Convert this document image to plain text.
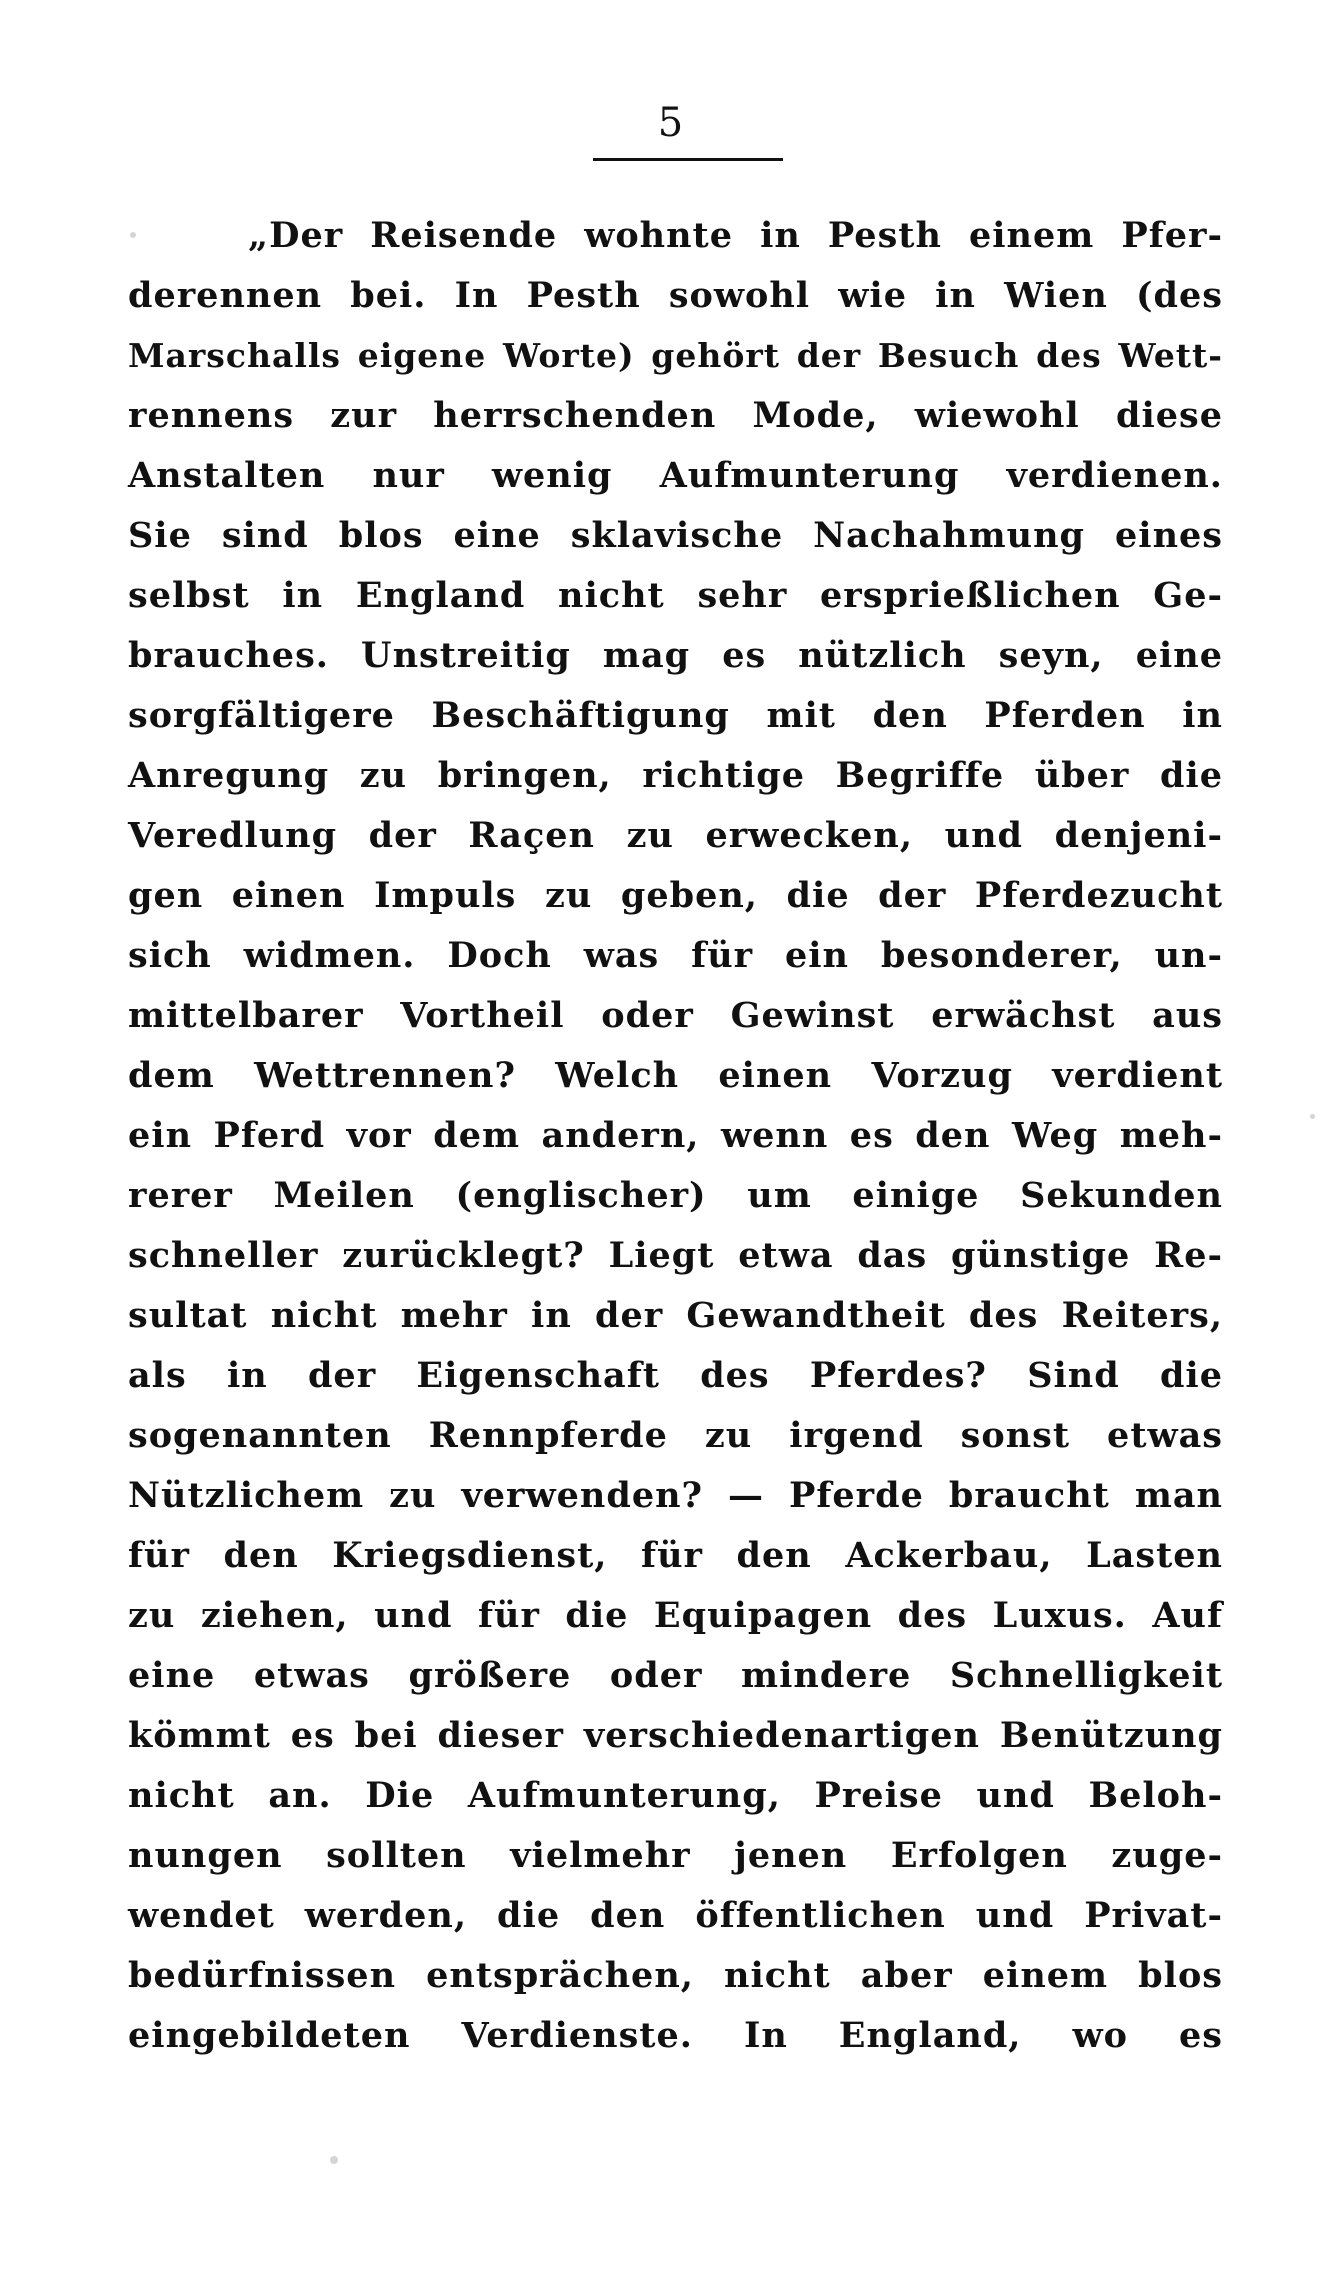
5
„Der Reisende wohnte in Pesth einem Pfer-
derennen bei. In Pesth sowohl wie in Wien (des
Marschalls eigene Worte) gehört der Besuch des Wett-
rennens zur herrschenden Mode, wiewohl diese
Anstalten nur wenig Aufmunterung verdienen.
Sie sind blos eine sklavische Nachahmung eines
selbst in England nicht sehr ersprießlichen Ge-
brauches. Unstreitig mag es nützlich seyn, eine
sorgfältigere Beschäftigung mit den Pferden in
Anregung zu bringen, richtige Begriffe über die
Veredlung der Raçen zu erwecken, und denjeni-
gen einen Impuls zu geben, die der Pferdezucht
sich widmen. Doch was für ein besonderer, un-
mittelbarer Vortheil oder Gewinst erwächst aus
dem Wettrennen? Welch einen Vorzug verdient
ein Pferd vor dem andern, wenn es den Weg meh-
rerer Meilen (englischer) um einige Sekunden
schneller zurücklegt? Liegt etwa das günstige Re-
sultat nicht mehr in der Gewandtheit des Reiters,
als in der Eigenschaft des Pferdes? Sind die
sogenannten Rennpferde zu irgend sonst etwas
Nützlichem zu verwenden? — Pferde braucht man
für den Kriegsdienst, für den Ackerbau, Lasten
zu ziehen, und für die Equipagen des Luxus. Auf
eine etwas größere oder mindere Schnelligkeit
kömmt es bei dieser verschiedenartigen Benützung
nicht an. Die Aufmunterung, Preise und Beloh-
nungen sollten vielmehr jenen Erfolgen zuge-
wendet werden, die den öffentlichen und Privat-
bedürfnissen entsprächen, nicht aber einem blos
eingebildeten Verdienste. In England, wo es
